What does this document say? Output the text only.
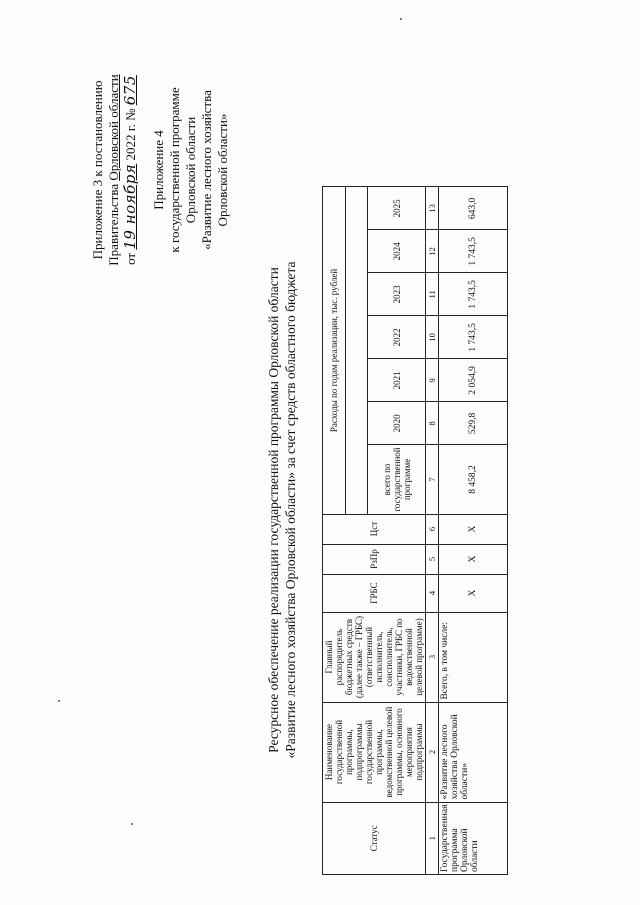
Приложение 3 к постановлению Правительства Орловской области
от 19 ноября 2022 г. № 675
Приложение 4 к государственной программе Орловской области «Развитие лесного хозяйства Орловской области»
Ресурсное обеспечение реализации государственной программы Орловской области «Развитие лесного хозяйства Орловской области» за счет средств областного бюджета
Статус	Наименование государственной программы, подпрограммы государственной программы, ведомственной целевой программы, основного мероприятия подпрограммы	Главный распорядитель бюджетных средств (далее также – ГРБС) (ответственный исполнитель, соисполнитель, участники, ГРБС по ведомственной целевой программе)	ГРБС	РзПр	Цст	Расходы по годам реализации, тыс. рублей						

						всего по государственной программе	2020	2021	2022	2023	2024	2025
1	2	3	4	5	6	7	8	9	10	11	12	13
Государственная программа Орловской области	«Развитие лесного хозяйства Орловской области»	Всего, в том числе:	Х	Х	Х	8 458,2	529,8	2 054,9	1 743,5	1 743,5	1 743,5	643,0
